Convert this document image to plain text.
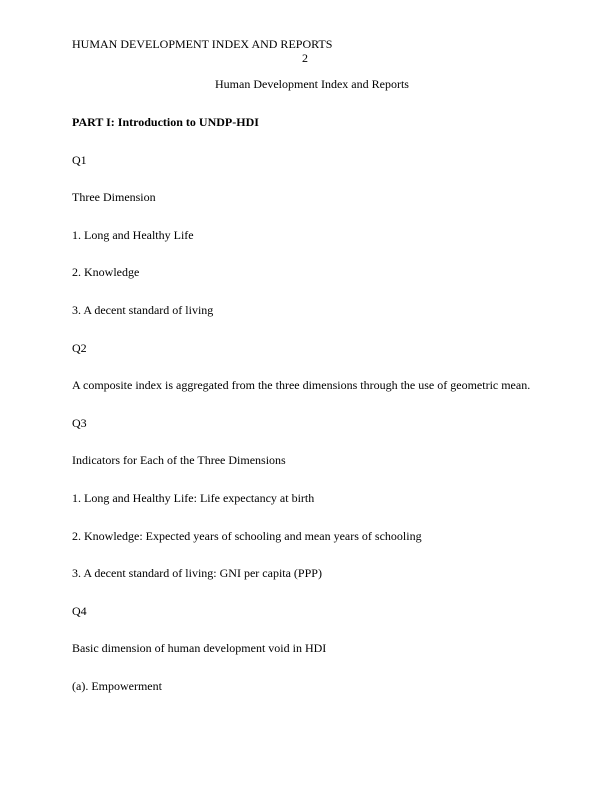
HUMAN DEVELOPMENT INDEX AND REPORTS
2
Human Development Index and Reports
PART I: Introduction to UNDP-HDI
Q1
Three Dimension
1. Long and Healthy Life
2. Knowledge
3. A decent standard of living
Q2
A composite index is aggregated from the three dimensions through the use of geometric mean.
Q3
Indicators for Each of the Three Dimensions
1. Long and Healthy Life: Life expectancy at birth
2. Knowledge: Expected years of schooling and mean years of schooling
3. A decent standard of living: GNI per capita (PPP)
Q4
Basic dimension of human development void in HDI
(a). Empowerment
